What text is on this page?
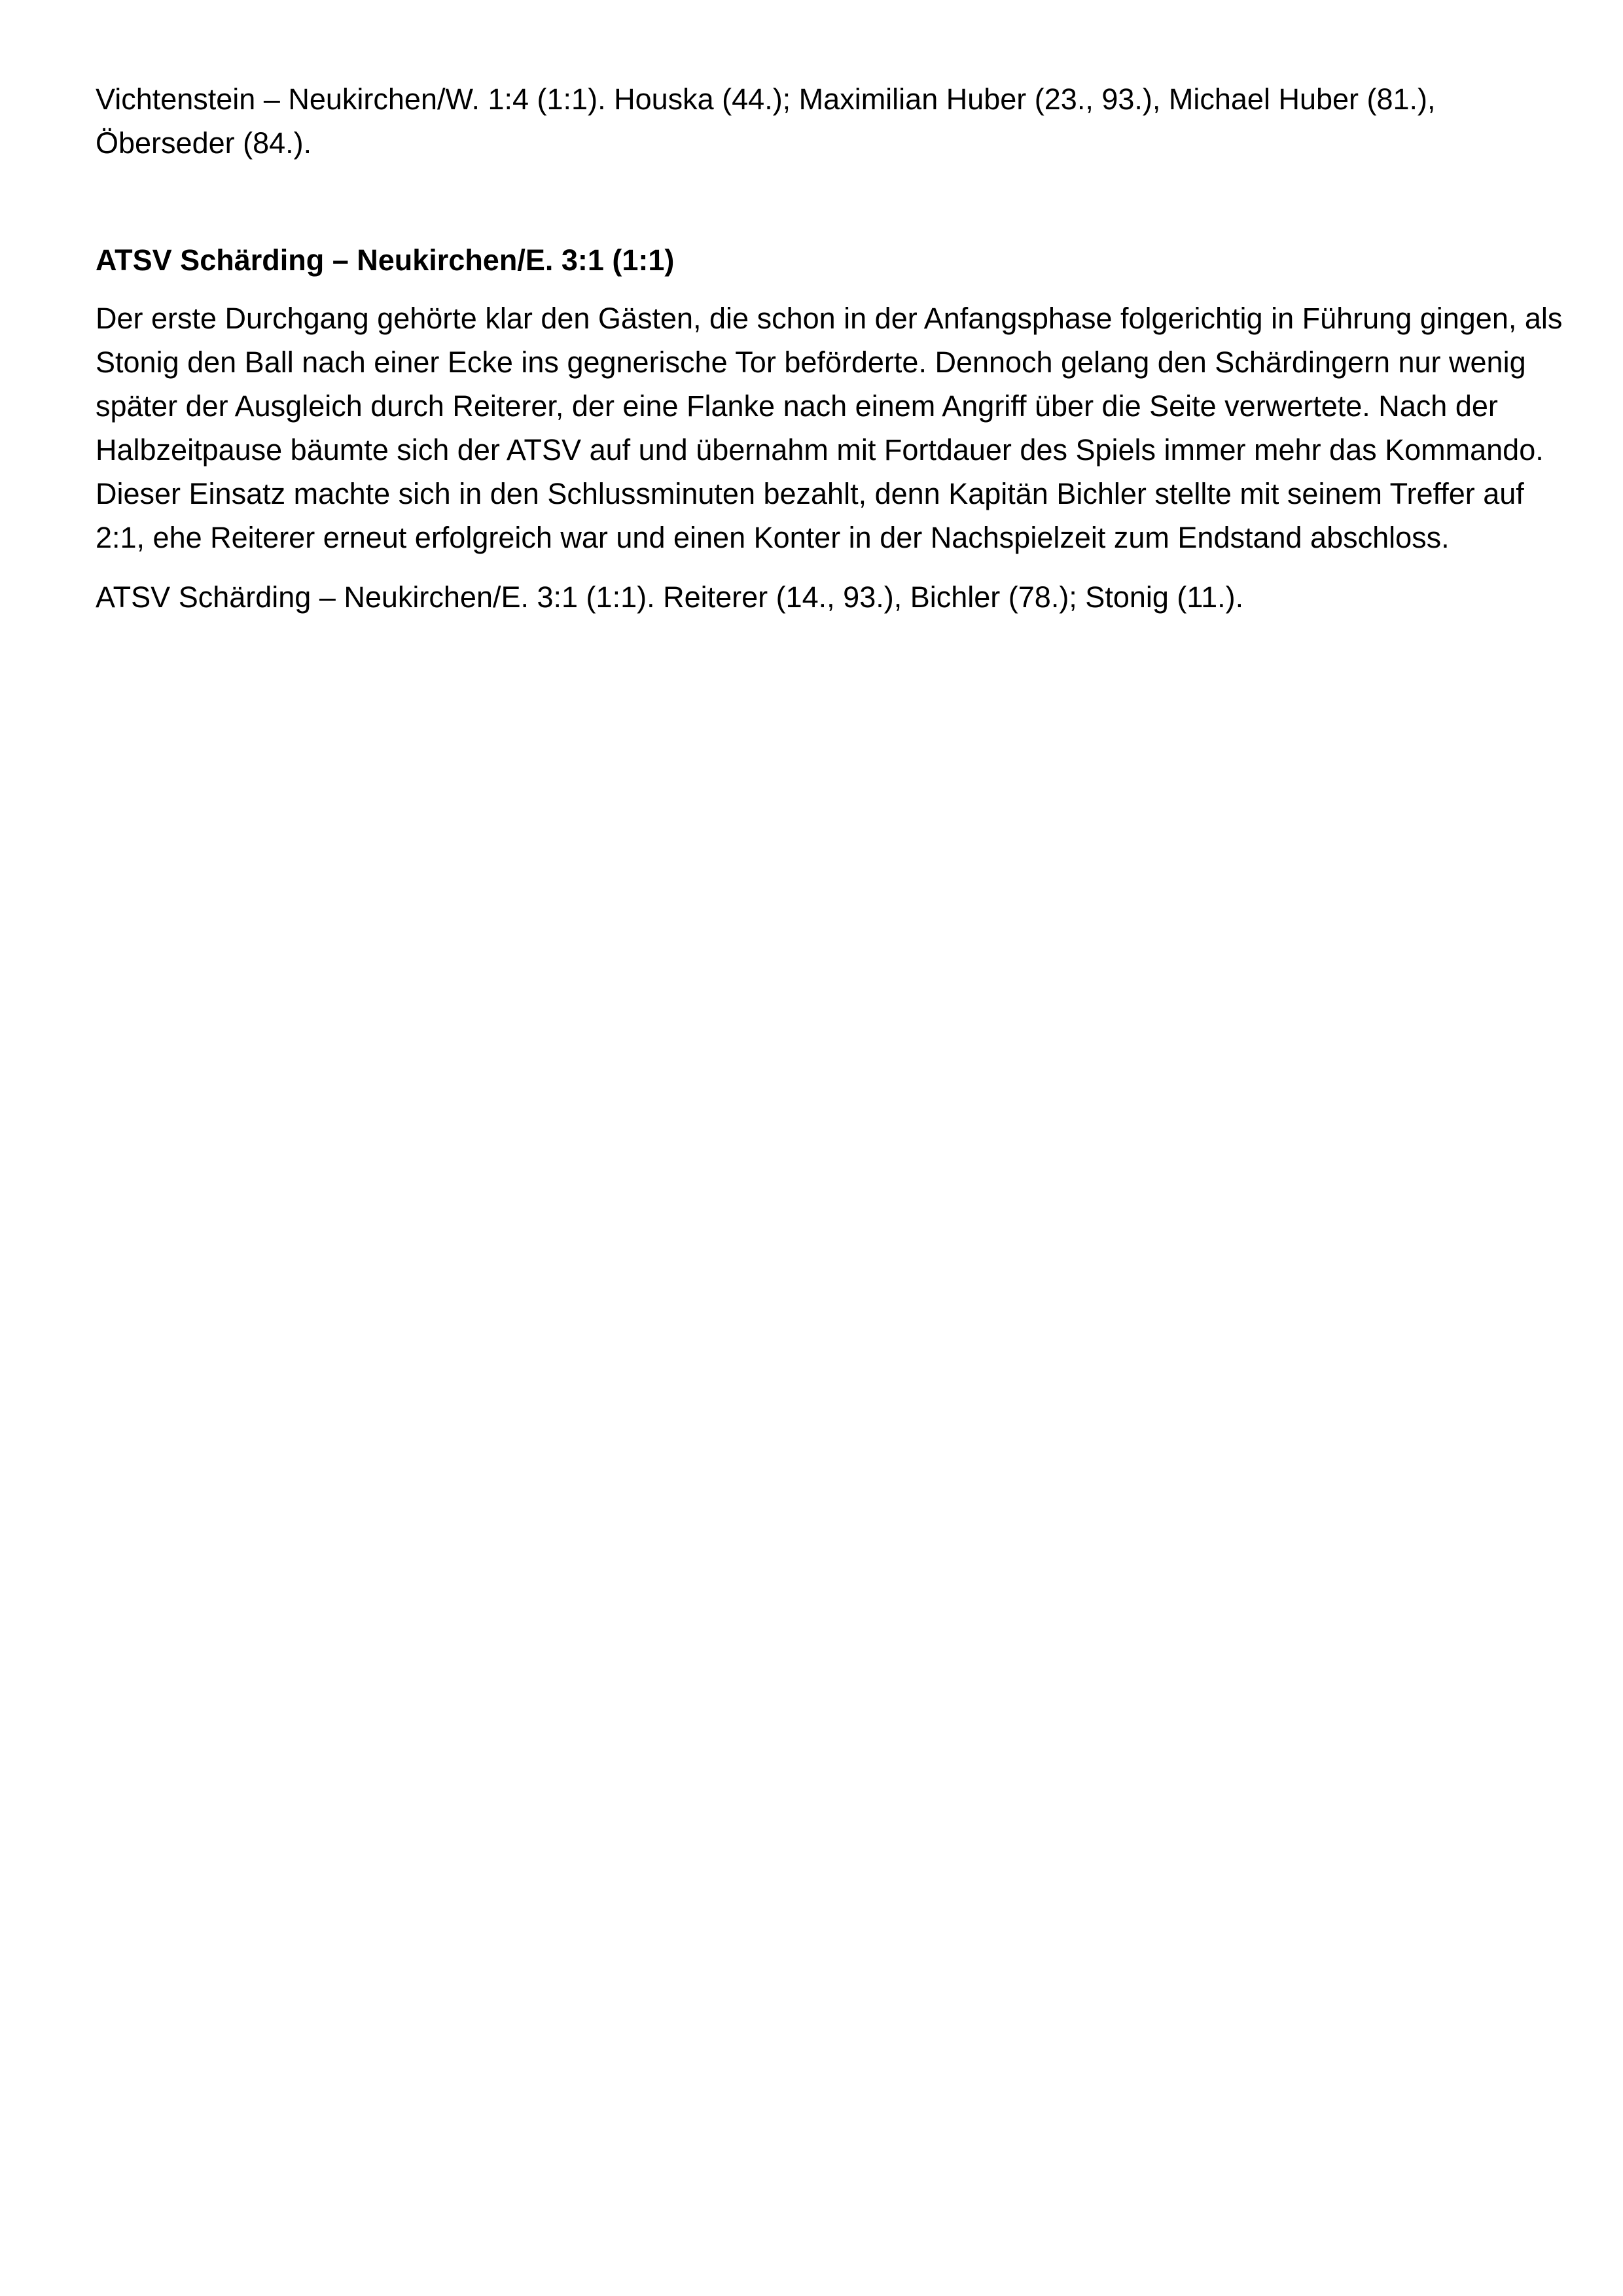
Vichtenstein – Neukirchen/W. 1:4 (1:1). Houska (44.); Maximilian Huber (23., 93.), Michael Huber (81.),
Öberseder (84.).
ATSV Schärding – Neukirchen/E. 3:1 (1:1)
Der erste Durchgang gehörte klar den Gästen, die schon in der Anfangsphase folgerichtig in Führung gingen, als
Stonig den Ball nach einer Ecke ins gegnerische Tor beförderte. Dennoch gelang den Schärdingern nur wenig
später der Ausgleich durch Reiterer, der eine Flanke nach einem Angriff über die Seite verwertete. Nach der
Halbzeitpause bäumte sich der ATSV auf und übernahm mit Fortdauer des Spiels immer mehr das Kommando.
Dieser Einsatz machte sich in den Schlussminuten bezahlt, denn Kapitän Bichler stellte mit seinem Treffer auf
2:1, ehe Reiterer erneut erfolgreich war und einen Konter in der Nachspielzeit zum Endstand abschloss.
ATSV Schärding – Neukirchen/E. 3:1 (1:1). Reiterer (14., 93.), Bichler (78.); Stonig (11.).
